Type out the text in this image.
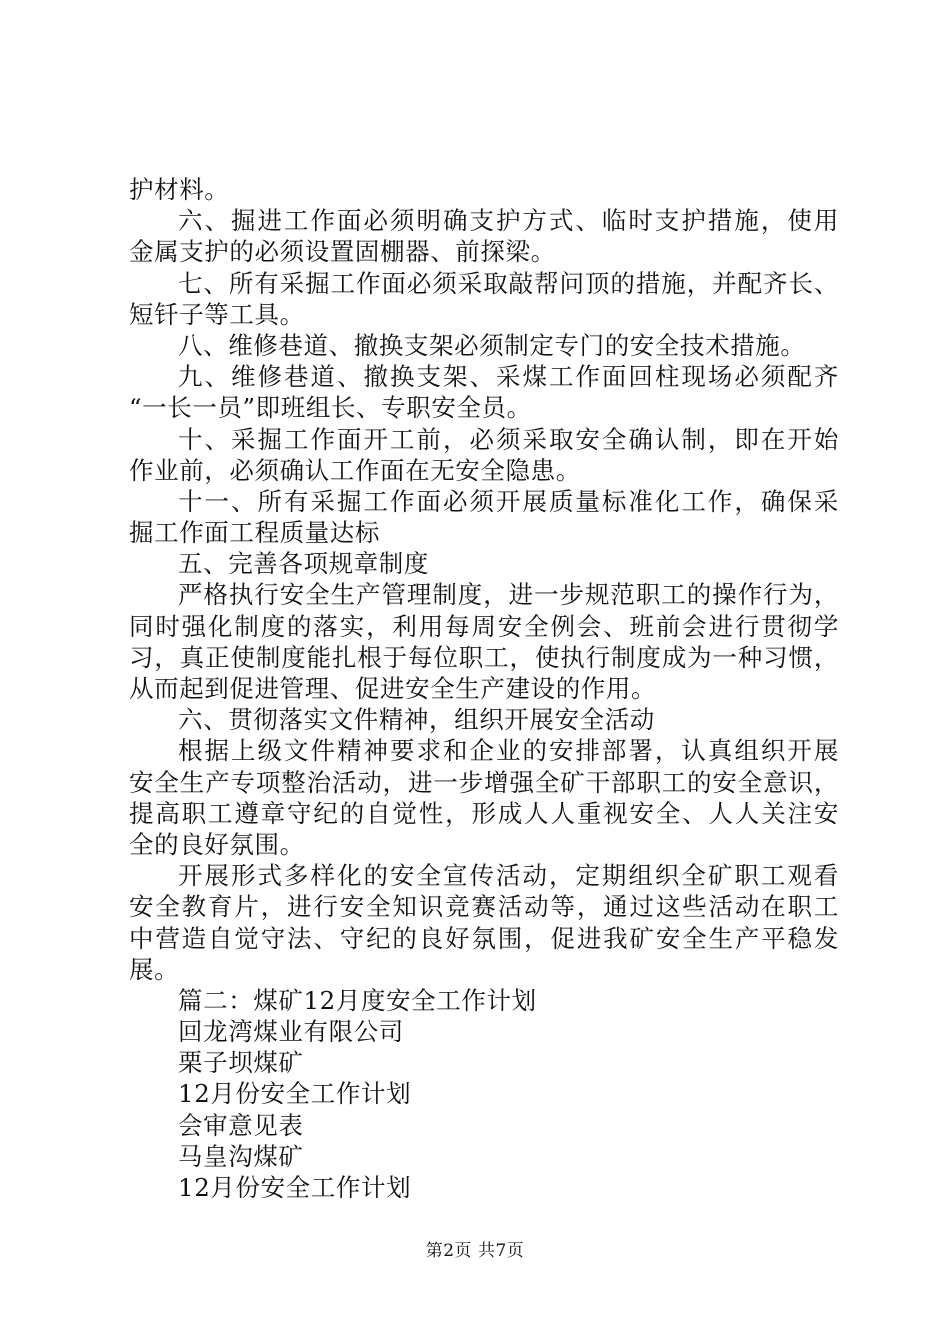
护材料。
六、掘进工作面必须明确支护方式、临时支护措施，使用
金属支护的必须设置固棚器、前探梁。
七、所有采掘工作面必须采取敲帮问顶的措施，并配齐长、
短钎子等工具。
八、维修巷道、撤换支架必须制定专门的安全技术措施。
九、维修巷道、撤换支架、采煤工作面回柱现场必须配齐
“一长一员”即班组长、专职安全员。
十、采掘工作面开工前，必须采取安全确认制，即在开始
作业前，必须确认工作面在无安全隐患。
十一、所有采掘工作面必须开展质量标准化工作，确保采
掘工作面工程质量达标
五、完善各项规章制度
严格执行安全生产管理制度，进一步规范职工的操作行为，
同时强化制度的落实，利用每周安全例会、班前会进行贯彻学
习，真正使制度能扎根于每位职工，使执行制度成为一种习惯，
从而起到促进管理、促进安全生产建设的作用。
六、贯彻落实文件精神，组织开展安全活动
根据上级文件精神要求和企业的安排部署，认真组织开展
安全生产专项整治活动，进一步增强全矿干部职工的安全意识，
提高职工遵章守纪的自觉性，形成人人重视安全、人人关注安
全的良好氛围。
开展形式多样化的安全宣传活动，定期组织全矿职工观看
安全教育片，进行安全知识竞赛活动等，通过这些活动在职工
中营造自觉守法、守纪的良好氛围，促进我矿安全生产平稳发
展。
篇二：煤矿12月度安全工作计划
回龙湾煤业有限公司
栗子坝煤矿
12月份安全工作计划
会审意见表
马皇沟煤矿
12月份安全工作计划
第2页 共7页
